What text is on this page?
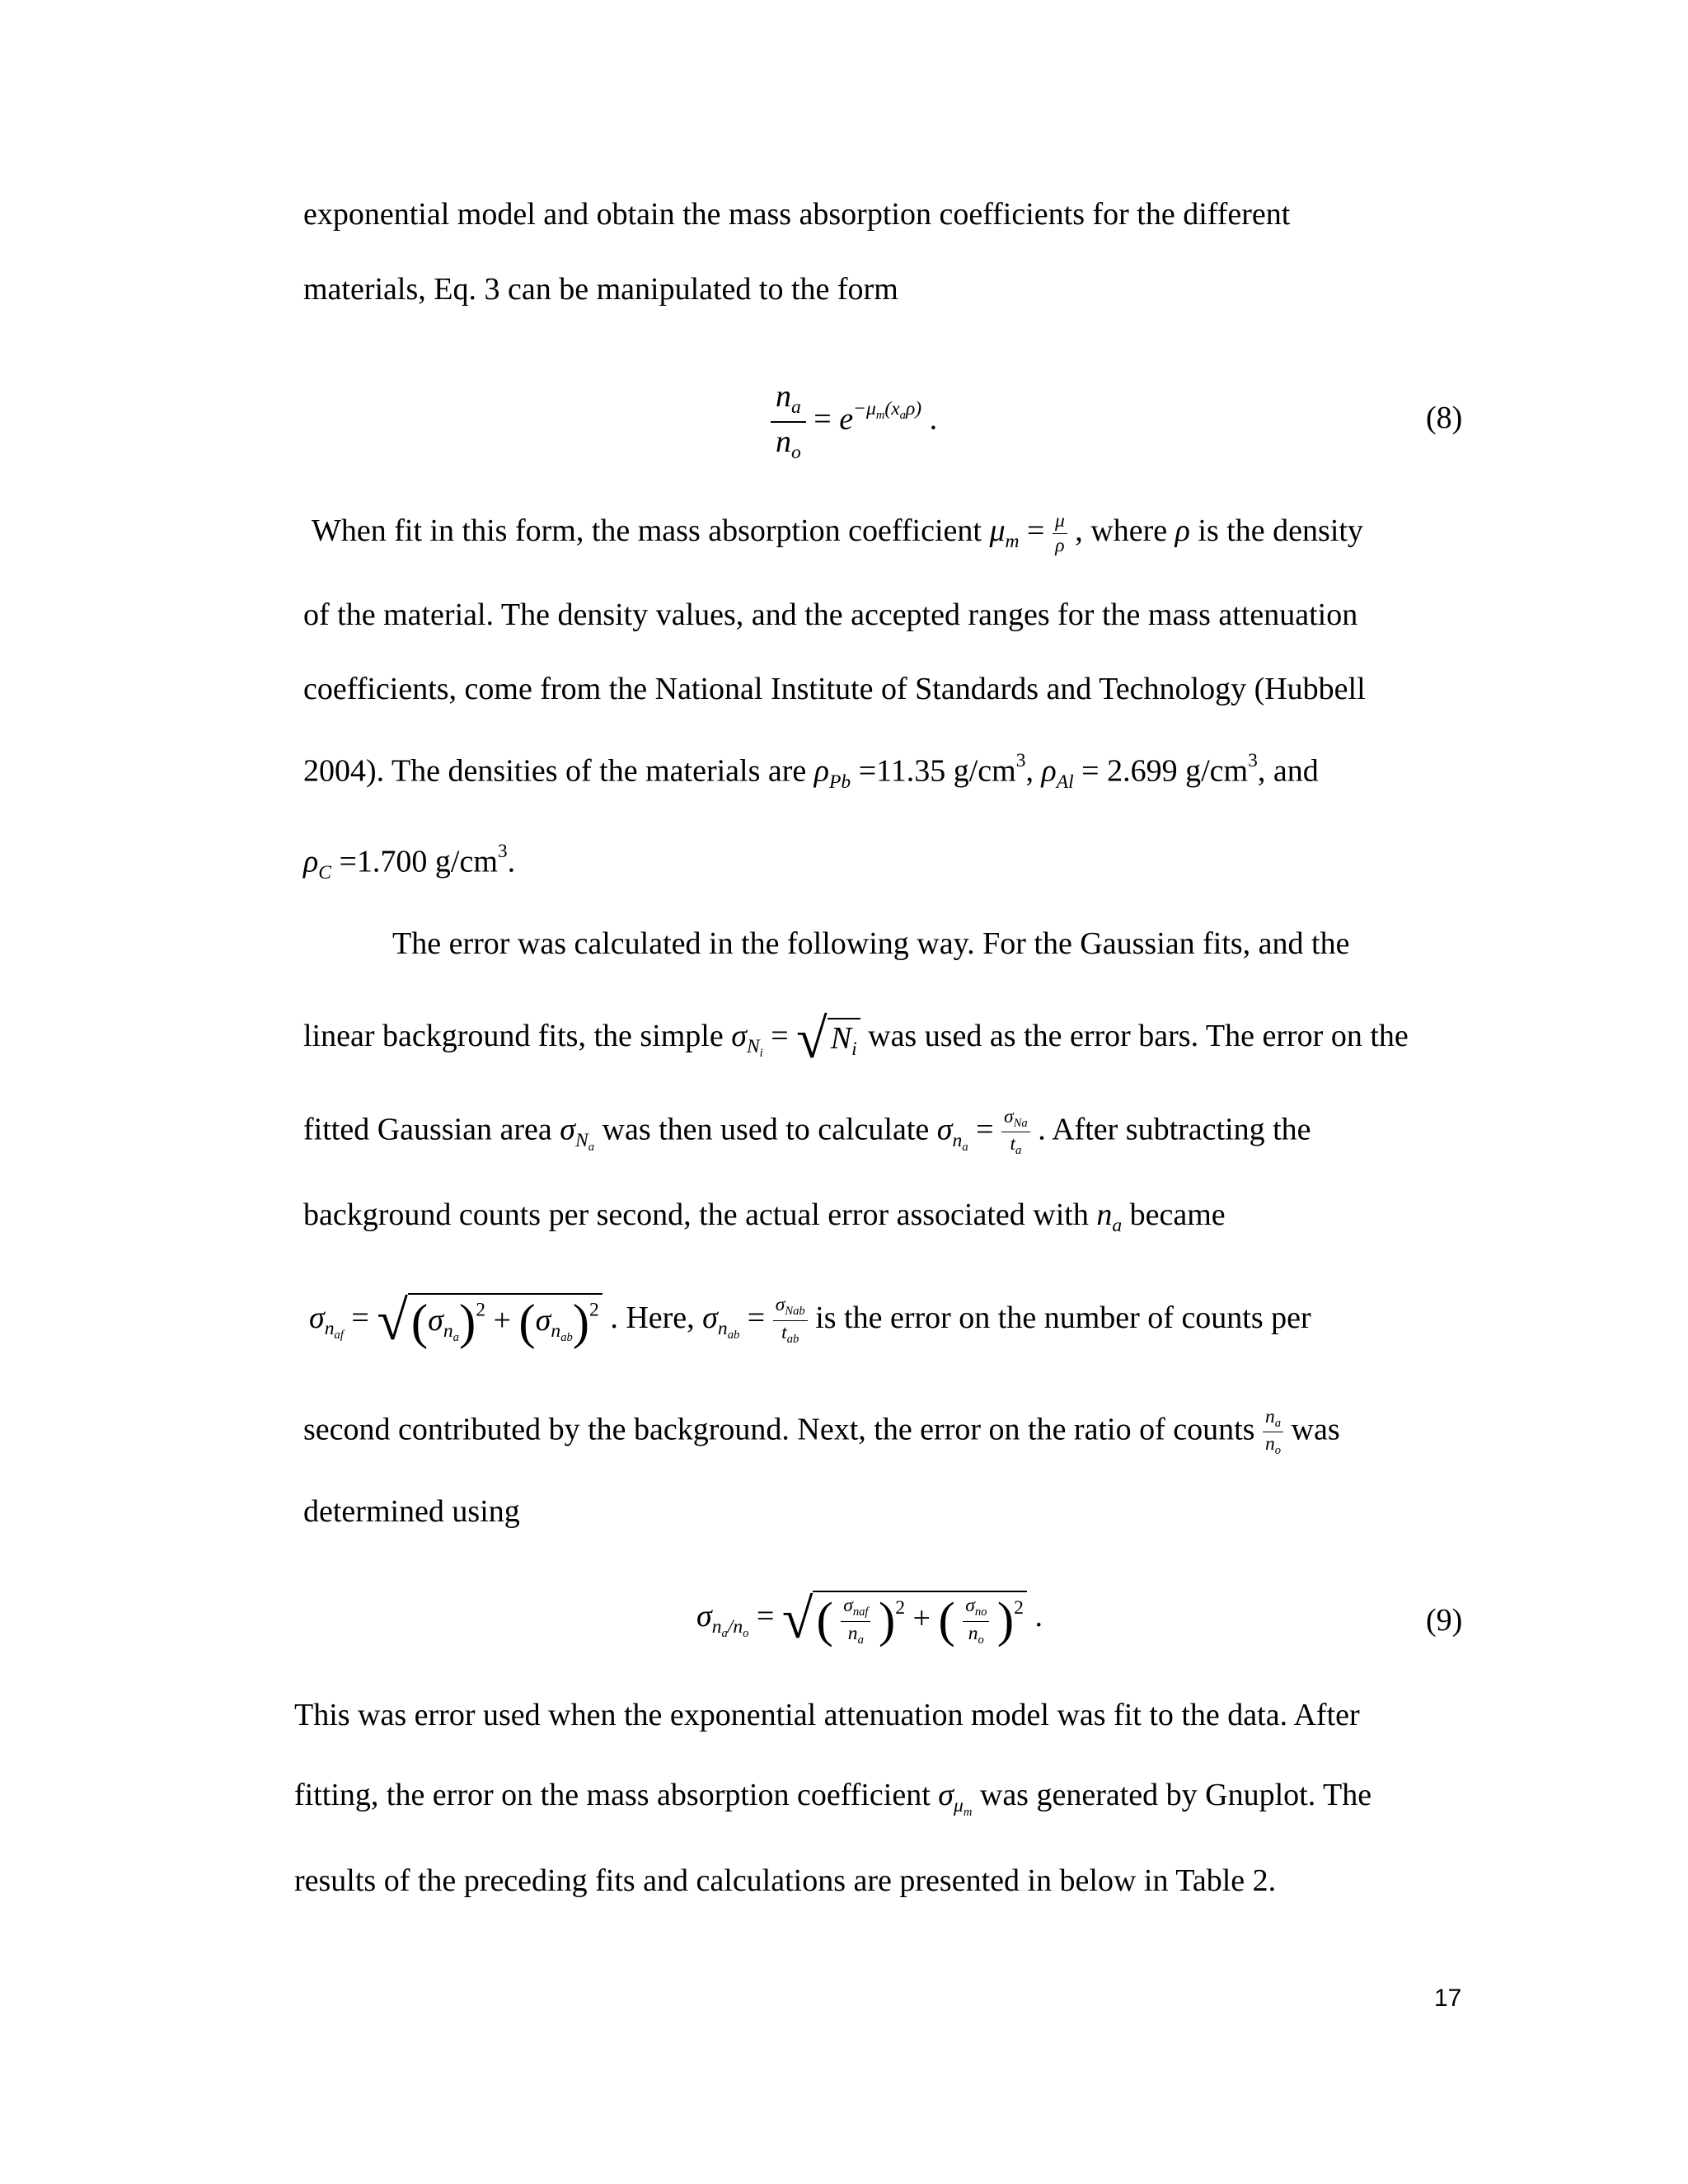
exponential model and obtain the mass absorption coefficients for the different
materials, Eq. 3 can be manipulated to the form
$\frac{n_a}{n_o} = e^{-\mu_m(x_a\rho)}$ .	(8)
When fit in this form, the mass absorption coefficient $\mu_m = \frac{\mu}{\rho}$ , where ρ is the density
of the material. The density values, and the accepted ranges for the mass attenuation
coefficients, come from the National Institute of Standards and Technology (Hubbell
2004). The densities of the materials are $\rho_{Pb} =11.35$ $g/cm^3$, $\rho_{Al} = 2.699$ $g/cm^3$, and
$\rho_C =1.700$ $g/cm^3$.
The error was calculated in the following way. For the Gaussian fits, and the
linear background fits, the simple $\sigma_{N_i}$ = √ $N_i$ was used as the error bars. The error on the
fitted Gaussian area $\sigma_{N_a}$ was then used to calculate $\sigma_{n_a} = \frac{\sigma_{Na}}{t_a}$ . After subtracting the
background counts per second, the actual error associated with $n_a$ became
$\sigma_{n_{af}} = √(\sigma_{n_a})^2 + (\sigma_{n_{ab}})^2$ . Here, $\sigma_{n_{ab}} = \frac{\sigma_{Nab}}{t_{ab}}$ is the error on the number of counts per
second contributed by the background. Next, the error on the ratio of counts $\frac{n_a}{n_o}$ was
determined using
$\sigma_{n_a/n_o}$ = √( $\frac{\sigma_{naf}}{n_a} )^2$ + ( $\frac{\sigma_{no}}{n_o} )^2$ .	(9)
This was error used when the exponential attenuation model was fit to the data. After
fitting, the error on the mass absorption coefficient $\sigma_{\mu_m}$ was generated by Gnuplot. The
results of the preceding fits and calculations are presented in below in Table 2.
17
